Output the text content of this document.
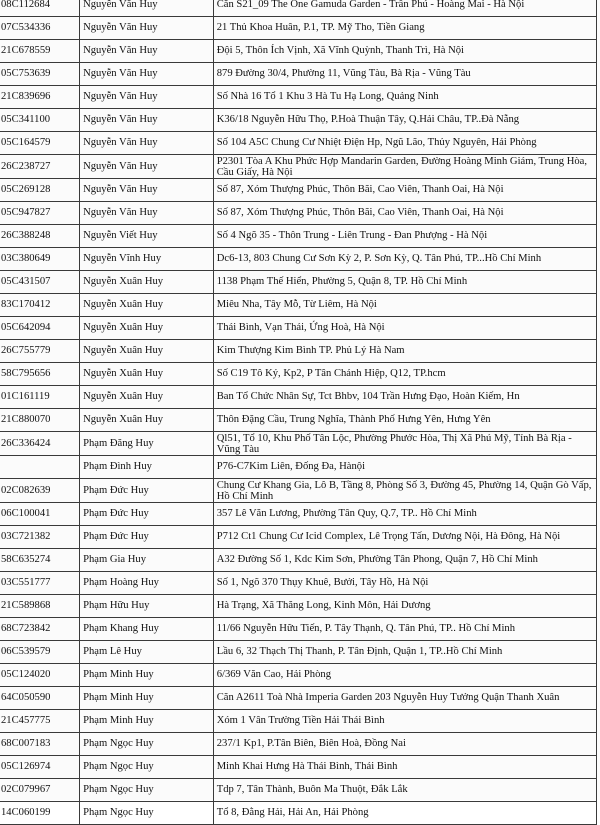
08C112684	Nguyễn Văn Huy	Căn S21_09 The One Gamuda Garden - Trần Phú - Hoàng Mai - Hà Nội
07C534336	Nguyễn Văn Huy	21 Thủ Khoa Huân, P.1, TP. Mỹ Tho, Tiền Giang
21C678559	Nguyễn Văn Huy	Đội 5, Thôn Ích Vịnh, Xã Vĩnh Quỳnh, Thanh Trì, Hà Nội
05C753639	Nguyễn Văn Huy	879 Đường 30/4, Phường 11, Vũng Tàu, Bà Rịa - Vũng Tàu
21C839696	Nguyễn Văn Huy	Số Nhà 16 Tổ 1 Khu 3 Hà Tu Hạ Long, Quảng Ninh
05C341100	Nguyễn Văn Huy	K36/18 Nguyễn Hữu Thọ, P.Hoà Thuận Tây, Q.Hải Châu, TP..Đà Nẵng
05C164579	Nguyễn Văn Huy	Số 104 A5C Chung Cư Nhiệt Điện Hp, Ngũ Lão, Thủy Nguyên, Hải Phòng
26C238727	Nguyễn Văn Huy	P2301 Tòa A Khu Phức Hợp Mandarin Garden, Đường Hoàng Minh Giám, Trung Hòa, Cầu Giấy, Hà Nội
05C269128	Nguyễn Văn Huy	Số 87, Xóm Thượng Phúc, Thôn Bãi, Cao Viên, Thanh Oai, Hà Nội
05C947827	Nguyễn Văn Huy	Số 87, Xóm Thượng Phúc, Thôn Bãi, Cao Viên, Thanh Oai, Hà Nội
26C388248	Nguyễn Viết Huy	Số 4 Ngõ 35 - Thôn Trung - Liên Trung - Đan Phượng - Hà Nội
03C380649	Nguyễn Vĩnh Huy	Dc6-13, 803 Chung Cư Sơn Kỳ 2, P. Sơn Kỳ, Q. Tân Phú, TP...Hồ Chí Minh
05C431507	Nguyễn Xuân Huy	1138 Phạm Thế Hiển, Phường 5, Quận 8, TP. Hồ Chí Minh
83C170412	Nguyễn Xuân Huy	Miêu Nha, Tây Mỗ, Từ Liêm, Hà Nội
05C642094	Nguyễn Xuân Huy	Thái Bình, Vạn Thái, Ứng Hoà, Hà Nội
26C755779	Nguyễn Xuân Huy	Kim Thượng Kim Bình TP. Phủ Lý Hà Nam
58C795656	Nguyễn Xuân Huy	Số C19 Tô Ký, Kp2, P Tân Chánh Hiệp, Q12, TP.hcm
01C161119	Nguyễn Xuân Huy	Ban Tổ Chức Nhân Sự, Tct Bhbv, 104 Trần Hưng Đạo, Hoàn Kiếm, Hn
21C880070	Nguyễn Xuân Huy	Thôn Đặng Cầu, Trung Nghĩa, Thành Phố Hưng Yên, Hưng Yên
26C336424	Phạm Đăng Huy	Ql51, Tổ 10, Khu Phố Tân Lộc, Phường Phước Hòa, Thị Xã Phú Mỹ, Tỉnh Bà Rịa - Vũng Tàu
	Phạm Đình Huy	P76-C7Kim Liên, Đống Đa, Hànội
02C082639	Phạm Đức Huy	Chung Cư Khang Gia, Lô B, Tầng 8, Phòng Số 3, Đường 45, Phường 14, Quận Gò Vấp, Hồ Chí Minh
06C100041	Phạm Đức Huy	357 Lê Văn Lương, Phường Tân Quy, Q.7, TP.. Hồ Chí Minh
03C721382	Phạm Đức Huy	P712 Ct1 Chung Cư Icid Complex, Lê Trọng Tấn, Dương Nội, Hà Đông, Hà Nội
58C635274	Phạm Gia Huy	A32 Đường Số 1, Kdc Kim Sơn, Phường Tân Phong, Quận 7, Hồ Chí Minh
03C551777	Phạm Hoàng Huy	Số 1, Ngõ 370 Thụy Khuê, Bưởi, Tây Hồ, Hà Nội
21C589868	Phạm Hữu Huy	Hà Trạng, Xã Thăng Long, Kinh Môn, Hải Dương
68C723842	Phạm Khang Huy	11/66 Nguyễn Hữu Tiến, P. Tây Thạnh, Q. Tân Phú, TP.. Hồ Chí Minh
06C539579	Phạm Lê Huy	Lầu 6, 32 Thạch Thị Thanh, P. Tân Định, Quận 1, TP..Hồ Chí Minh
05C124020	Phạm Minh Huy	6/369 Văn Cao, Hải Phòng
64C050590	Phạm Minh Huy	Căn A2611 Toà Nhà Imperia Garden 203 Nguyễn Huy Tưởng Quận Thanh Xuân
21C457775	Phạm Minh Huy	Xóm 1 Vân Trường Tiền Hải Thái Bình
68C007183	Phạm Ngọc Huy	237/1 Kp1, P.Tân Biên, Biên Hoà, Đồng Nai
05C126974	Phạm Ngọc Huy	Minh Khai Hưng Hà Thái Bình, Thái Bình
02C079967	Phạm Ngọc Huy	Tdp 7, Tân Thành, Buôn Ma Thuột, Đắk Lắk
14C060199	Phạm Ngọc Huy	Tổ 8, Đằng Hải, Hải An, Hải Phòng
